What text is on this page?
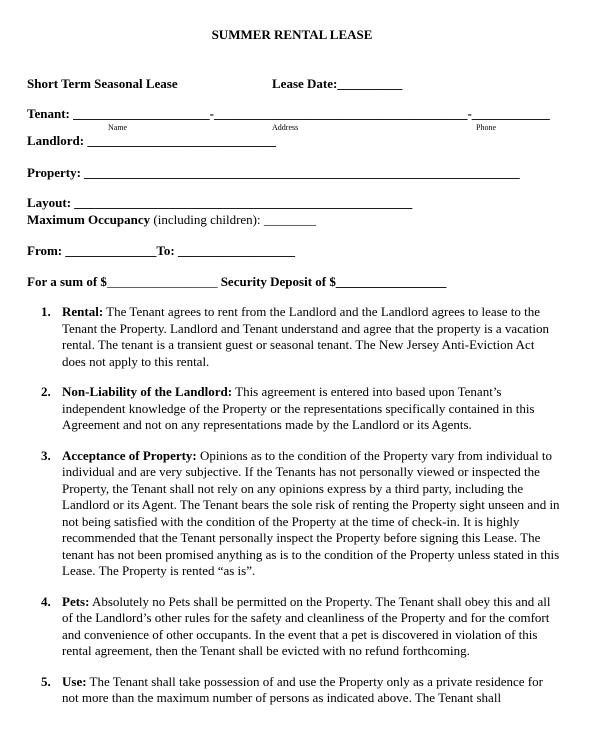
SUMMER RENTAL LEASE
Short Term Seasonal Lease	Lease Date:__________
Tenant: _____________________-_______________________________________-____________
Name	Address	Phone
Landlord: _____________________________
Property: ___________________________________________________________________
Layout: ____________________________________________________
Maximum Occupancy (including children): ________
From: ______________To: __________________
For a sum of $_________________ Security Deposit of $_________________
1. Rental: The Tenant agrees to rent from the Landlord and the Landlord agrees to lease to the Tenant the Property. Landlord and Tenant understand and agree that the property is a vacation rental. The tenant is a transient guest or seasonal tenant. The New Jersey Anti-Eviction Act does not apply to this rental.
2. Non-Liability of the Landlord: This agreement is entered into based upon Tenant’s independent knowledge of the Property or the representations specifically contained in this Agreement and not on any representations made by the Landlord or its Agents.
3. Acceptance of Property: Opinions as to the condition of the Property vary from individual to individual and are very subjective. If the Tenants has not personally viewed or inspected the Property, the Tenant shall not rely on any opinions express by a third party, including the Landlord or its Agent. The Tenant bears the sole risk of renting the Property sight unseen and in not being satisfied with the condition of the Property at the time of check-in. It is highly recommended that the Tenant personally inspect the Property before signing this Lease. The tenant has not been promised anything as is to the condition of the Property unless stated in this Lease. The Property is rented “as is”.
4. Pets: Absolutely no Pets shall be permitted on the Property. The Tenant shall obey this and all of the Landlord’s other rules for the safety and cleanliness of the Property and for the comfort and convenience of other occupants. In the event that a pet is discovered in violation of this rental agreement, then the Tenant shall be evicted with no refund forthcoming.
5. Use: The Tenant shall take possession of and use the Property only as a private residence for not more than the maximum number of persons as indicated above. The Tenant shall
